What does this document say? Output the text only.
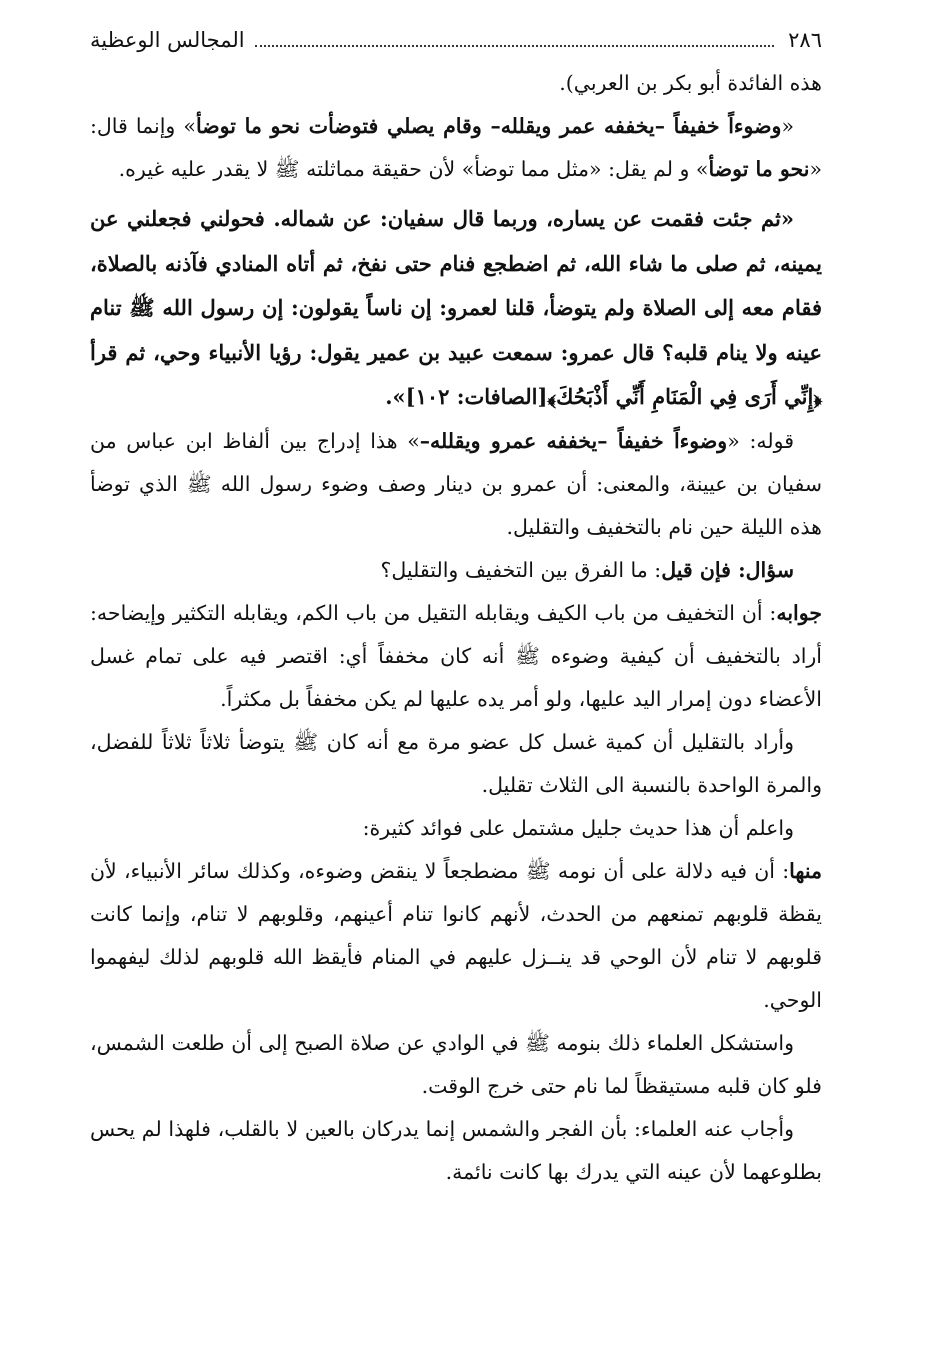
٢٨٦
المجالس الوعظية

هذه الفائدة أبو بكر بن العربي).

«وضوءاً خفيفاً –يخففه عمر ويقلله– وقام يصلي فتوضأت نحو ما توضأ» وإنما قال: «نحو ما توضأ» و لم يقل: «مثل مما توضأ» لأن حقيقة مماثلته ﷺ لا يقدر عليه غيره.

«ثم جئت فقمت عن يساره، وربما قال سفيان: عن شماله. فحولني فجعلني عن يمينه، ثم صلى ما شاء الله، ثم اضطجع فنام حتى نفخ، ثم أتاه المنادي فآذنه بالصلاة، فقام معه إلى الصلاة ولم يتوضأ، قلنا لعمرو: إن ناساً يقولون: إن رسول الله ﷺ تنام عينه ولا ينام قلبه؟ قال عمرو: سمعت عبيد بن عمير يقول: رؤيا الأنبياء وحي، ثم قرأ ﴿إِنِّي أَرَى فِي الْمَنَامِ أَنِّي أَذْبَحُكَ﴾[الصافات: ١٠٢]».

قوله: «وضوءاً خفيفاً –يخففه عمرو ويقلله–» هذا إدراج بين ألفاظ ابن عباس من سفيان بن عيينة، والمعنى: أن عمرو بن دينار وصف وضوء رسول الله ﷺ الذي توضأ هذه الليلة حين نام بالتخفيف والتقليل.

سؤال: فإن قيل: ما الفرق بين التخفيف والتقليل؟

جوابه: أن التخفيف من باب الكيف ويقابله التقيل من باب الكم، ويقابله التكثير وإيضاحه: أراد بالتخفيف أن كيفية وضوءه ﷺ أنه كان مخففاً أي: اقتصر فيه على تمام غسل الأعضاء دون إمرار اليد عليها، ولو أمر يده عليها لم يكن مخففاً بل مكثراً.

وأراد بالتقليل أن كمية غسل كل عضو مرة مع أنه كان ﷺ يتوضأ ثلاثاً ثلاثاً للفضل، والمرة الواحدة بالنسبة الى الثلاث تقليل.

واعلم أن هذا حديث جليل مشتمل على فوائد كثيرة:

منها: أن فيه دلالة على أن نومه ﷺ مضطجعاً لا ينقض وضوءه، وكذلك سائر الأنبياء، لأن يقظة قلوبهم تمنعهم من الحدث، لأنهم كانوا تنام أعينهم، وقلوبهم لا تنام، وإنما كانت قلوبهم لا تنام لأن الوحي قد ينــزل عليهم في المنام فأيقظ الله قلوبهم لذلك ليفهموا الوحي.

واستشكل العلماء ذلك بنومه ﷺ في الوادي عن صلاة الصبح إلى أن طلعت الشمس، فلو كان قلبه مستيقظاً لما نام حتى خرج الوقت.

وأجاب عنه العلماء: بأن الفجر والشمس إنما يدركان بالعين لا بالقلب، فلهذا لم يحس بطلوعهما لأن عينه التي يدرك بها كانت نائمة.
